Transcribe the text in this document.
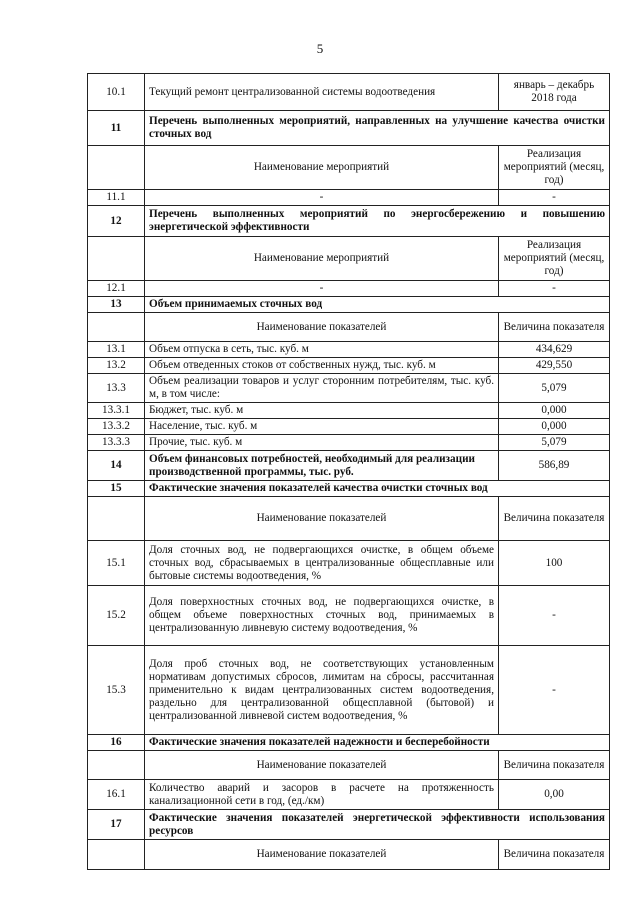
5
10.1	Текущий ремонт централизованной системы водоотведения	январь – декабрь 2018 года
11	Перечень выполненных мероприятий, направленных на улучшение качества очистки сточных вод	
	Наименование мероприятий	Реализация мероприятий (месяц, год)
11.1	-	-
12	Перечень выполненных мероприятий по энергосбережению и повышению энергетической эффективности	
	Наименование мероприятий	Реализация мероприятий (месяц, год)
12.1	-	-
13	Объем принимаемых сточных вод	
	Наименование показателей	Величина показателя
13.1	Объем отпуска в сеть, тыс. куб. м	434,629
13.2	Объем отведенных стоков от собственных нужд, тыс. куб. м	429,550
13.3	Объем реализации товаров и услуг сторонним потребителям, тыс. куб. м, в том числе:	5,079
13.3.1	Бюджет, тыс. куб. м	0,000
13.3.2	Население, тыс. куб. м	0,000
13.3.3	Прочие, тыс. куб. м	5,079
14	Объем финансовых потребностей, необходимый для реализации производственной программы, тыс. руб.	586,89
15	Фактические значения показателей качества очистки сточных вод	
	Наименование показателей	Величина показателя
15.1	Доля сточных вод, не подвергающихся очистке, в общем объеме сточных вод, сбрасываемых в централизованные общесплавные или бытовые системы водоотведения, %	100
15.2	Доля поверхностных сточных вод, не подвергающихся очистке, в общем объеме поверхностных сточных вод, принимаемых в централизованную ливневую систему водоотведения, %	-
15.3	Доля проб сточных вод, не соответствующих установленным нормативам допустимых сбросов, лимитам на сбросы, рассчитанная применительно к видам централизованных систем водоотведения, раздельно для централизованной общесплавной (бытовой) и централизованной ливневой систем водоотведения, %	-
16	Фактические значения показателей надежности и бесперебойности	
	Наименование показателей	Величина показателя
16.1	Количество аварий и засоров в расчете на протяженность канализационной сети в год, (ед./км)	0,00
17	Фактические значения показателей энергетической эффективности использования ресурсов	
	Наименование показателей	Величина показателя
